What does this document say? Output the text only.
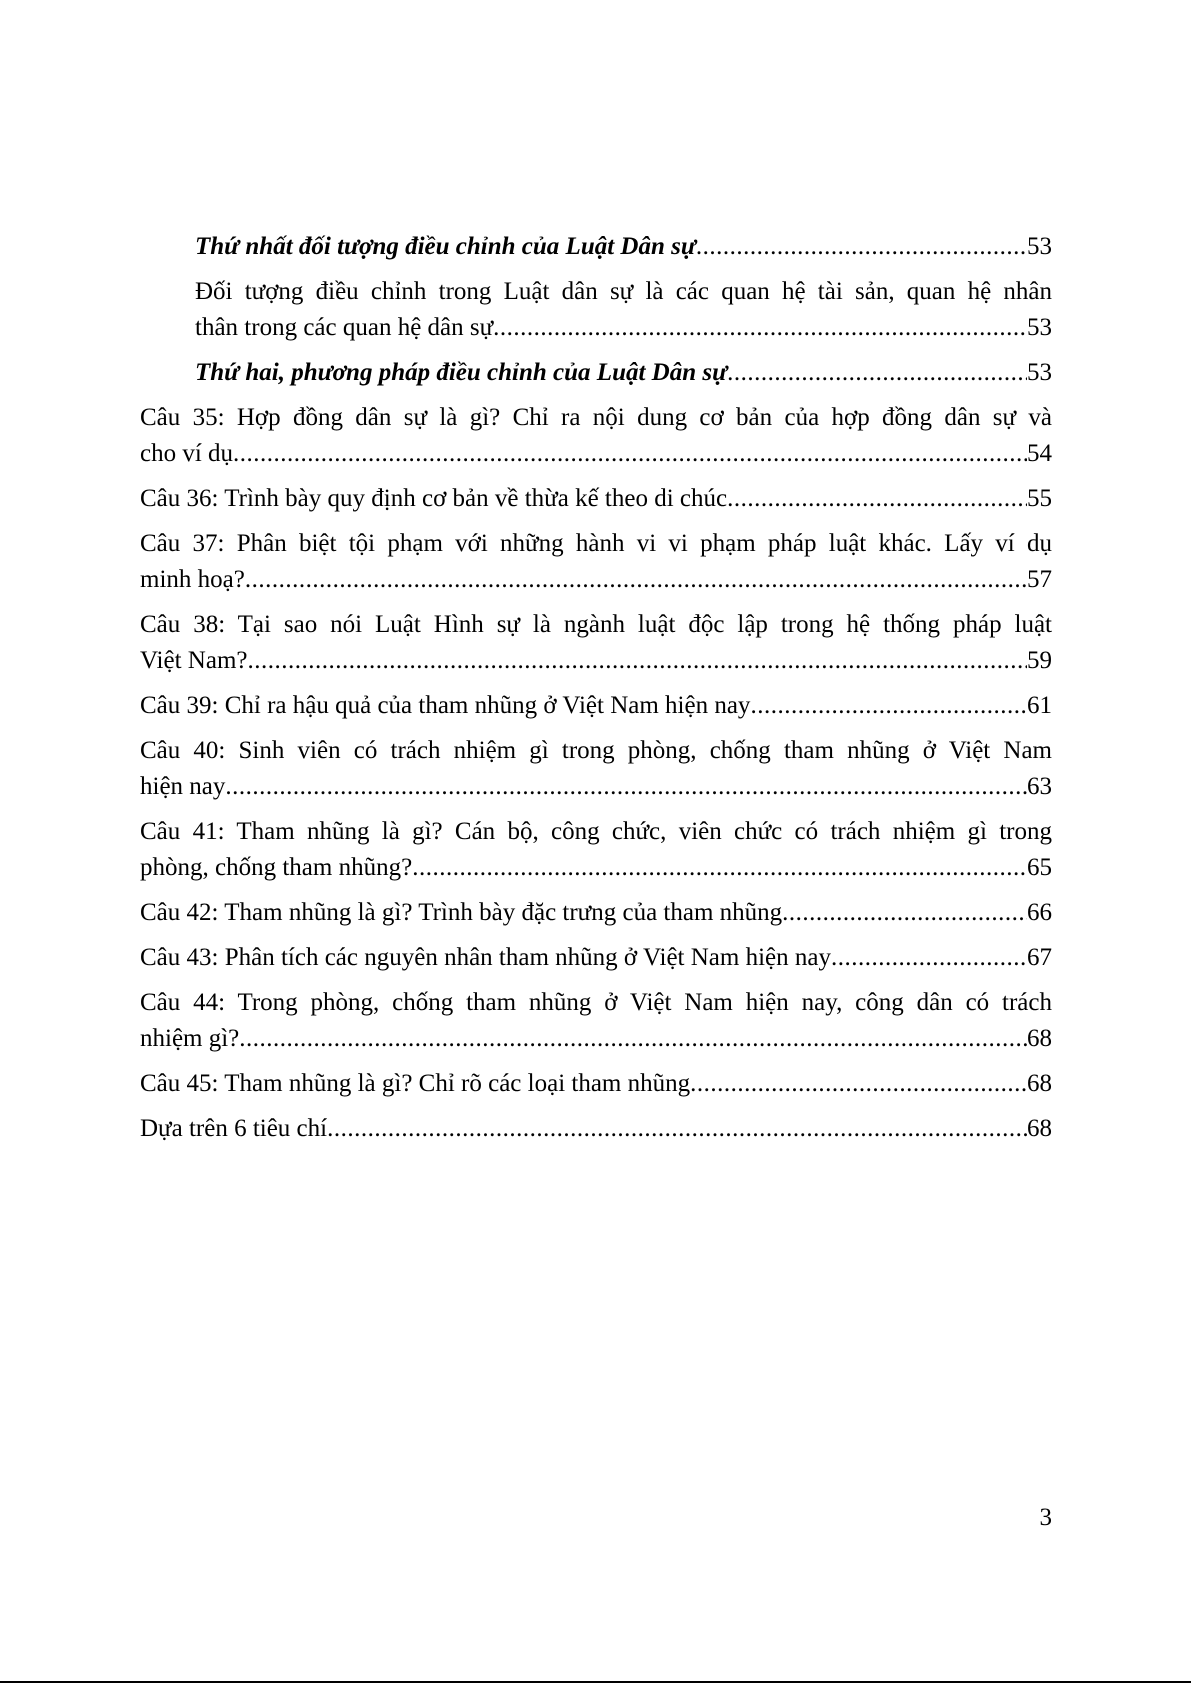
Thứ nhất đối tượng điều chỉnh của Luật Dân sự .....	53
Đối tượng điều chỉnh trong Luật dân sự là các quan hệ tài sản, quan hệ nhân
thân trong các quan hệ dân sự .....	53
Thứ hai, phương pháp điều chỉnh của Luật Dân sự .....	53
Câu 35: Hợp đồng dân sự là gì? Chỉ ra nội dung cơ bản của hợp đồng dân sự và
cho ví dụ .....	54
Câu 36: Trình bày quy định cơ bản về thừa kế theo di chúc .....	55
Câu 37: Phân biệt tội phạm với những hành vi vi phạm pháp luật khác. Lấy ví dụ
minh hoạ? .....	57
Câu 38: Tại sao nói Luật Hình sự là ngành luật độc lập trong hệ thống pháp luật
Việt Nam? .....	59
Câu 39: Chỉ ra hậu quả của tham nhũng ở Việt Nam hiện nay .....	61
Câu 40: Sinh viên có trách nhiệm gì trong phòng, chống tham nhũng ở Việt Nam
hiện nay .....	63
Câu 41: Tham nhũng là gì? Cán bộ, công chức, viên chức có trách nhiệm gì trong
phòng, chống tham nhũng? .....	65
Câu 42: Tham nhũng là gì? Trình bày đặc trưng của tham nhũng .....	66
Câu 43: Phân tích các nguyên nhân tham nhũng ở Việt Nam hiện nay .....	67
Câu 44: Trong phòng, chống tham nhũng ở Việt Nam hiện nay, công dân có trách
nhiệm gì? .....	68
Câu 45: Tham nhũng là gì? Chỉ rõ các loại tham nhũng .....	68
Dựa trên 6 tiêu chí .....	68
3
